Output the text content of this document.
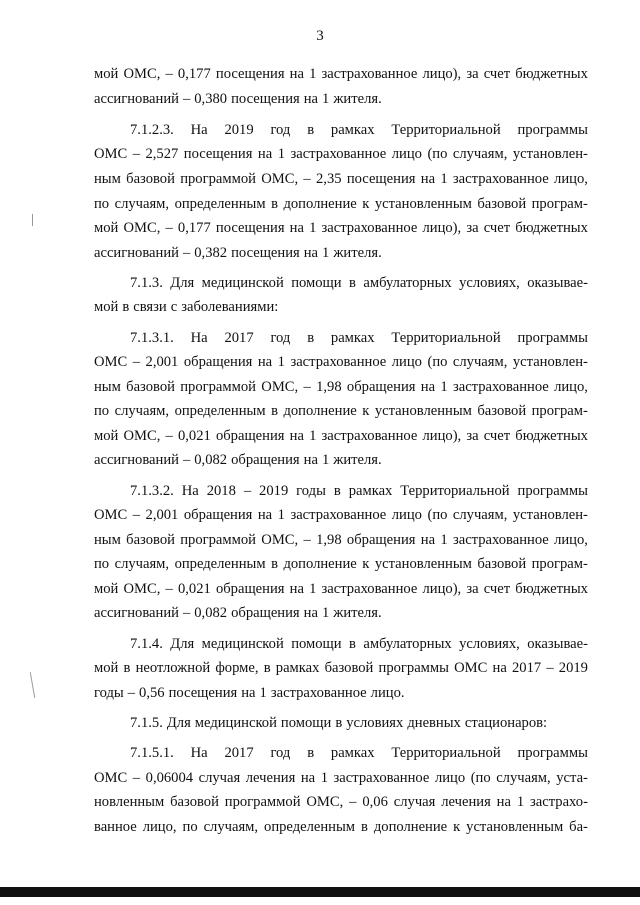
3
мой ОМС, – 0,177 посещения на 1 застрахованное лицо), за счет бюджетных
ассигнований – 0,380 посещения на 1 жителя.
7.1.2.3. На 2019 год в рамках Территориальной программы
ОМС – 2,527 посещения на 1 застрахованное лицо (по случаям, установлен-
ным базовой программой ОМС, – 2,35 посещения на 1 застрахованное лицо,
по случаям, определенным в дополнение к установленным базовой програм-
мой ОМС, – 0,177 посещения на 1 застрахованное лицо), за счет бюджетных
ассигнований – 0,382 посещения на 1 жителя.
7.1.3. Для медицинской помощи в амбулаторных условиях, оказывае-
мой в связи с заболеваниями:
7.1.3.1. На 2017 год в рамках Территориальной программы
ОМС – 2,001 обращения на 1 застрахованное лицо (по случаям, установлен-
ным базовой программой ОМС, – 1,98 обращения на 1 застрахованное лицо,
по случаям, определенным в дополнение к установленным базовой програм-
мой ОМС, – 0,021 обращения на 1 застрахованное лицо), за счет бюджетных
ассигнований – 0,082 обращения на 1 жителя.
7.1.3.2. На 2018 – 2019 годы в рамках Территориальной программы
ОМС – 2,001 обращения на 1 застрахованное лицо (по случаям, установлен-
ным базовой программой ОМС, – 1,98 обращения на 1 застрахованное лицо,
по случаям, определенным в дополнение к установленным базовой програм-
мой ОМС, – 0,021 обращения на 1 застрахованное лицо), за счет бюджетных
ассигнований – 0,082 обращения на 1 жителя.
7.1.4. Для медицинской помощи в амбулаторных условиях, оказывае-
мой в неотложной форме, в рамках базовой программы ОМС на 2017 – 2019
годы – 0,56 посещения на 1 застрахованное лицо.
7.1.5. Для медицинской помощи в условиях дневных стационаров:
7.1.5.1. На 2017 год в рамках Территориальной программы
ОМС – 0,06004 случая лечения на 1 застрахованное лицо (по случаям, уста-
новленным базовой программой ОМС, – 0,06 случая лечения на 1 застрахо-
ванное лицо, по случаям, определенным в дополнение к установленным ба-
